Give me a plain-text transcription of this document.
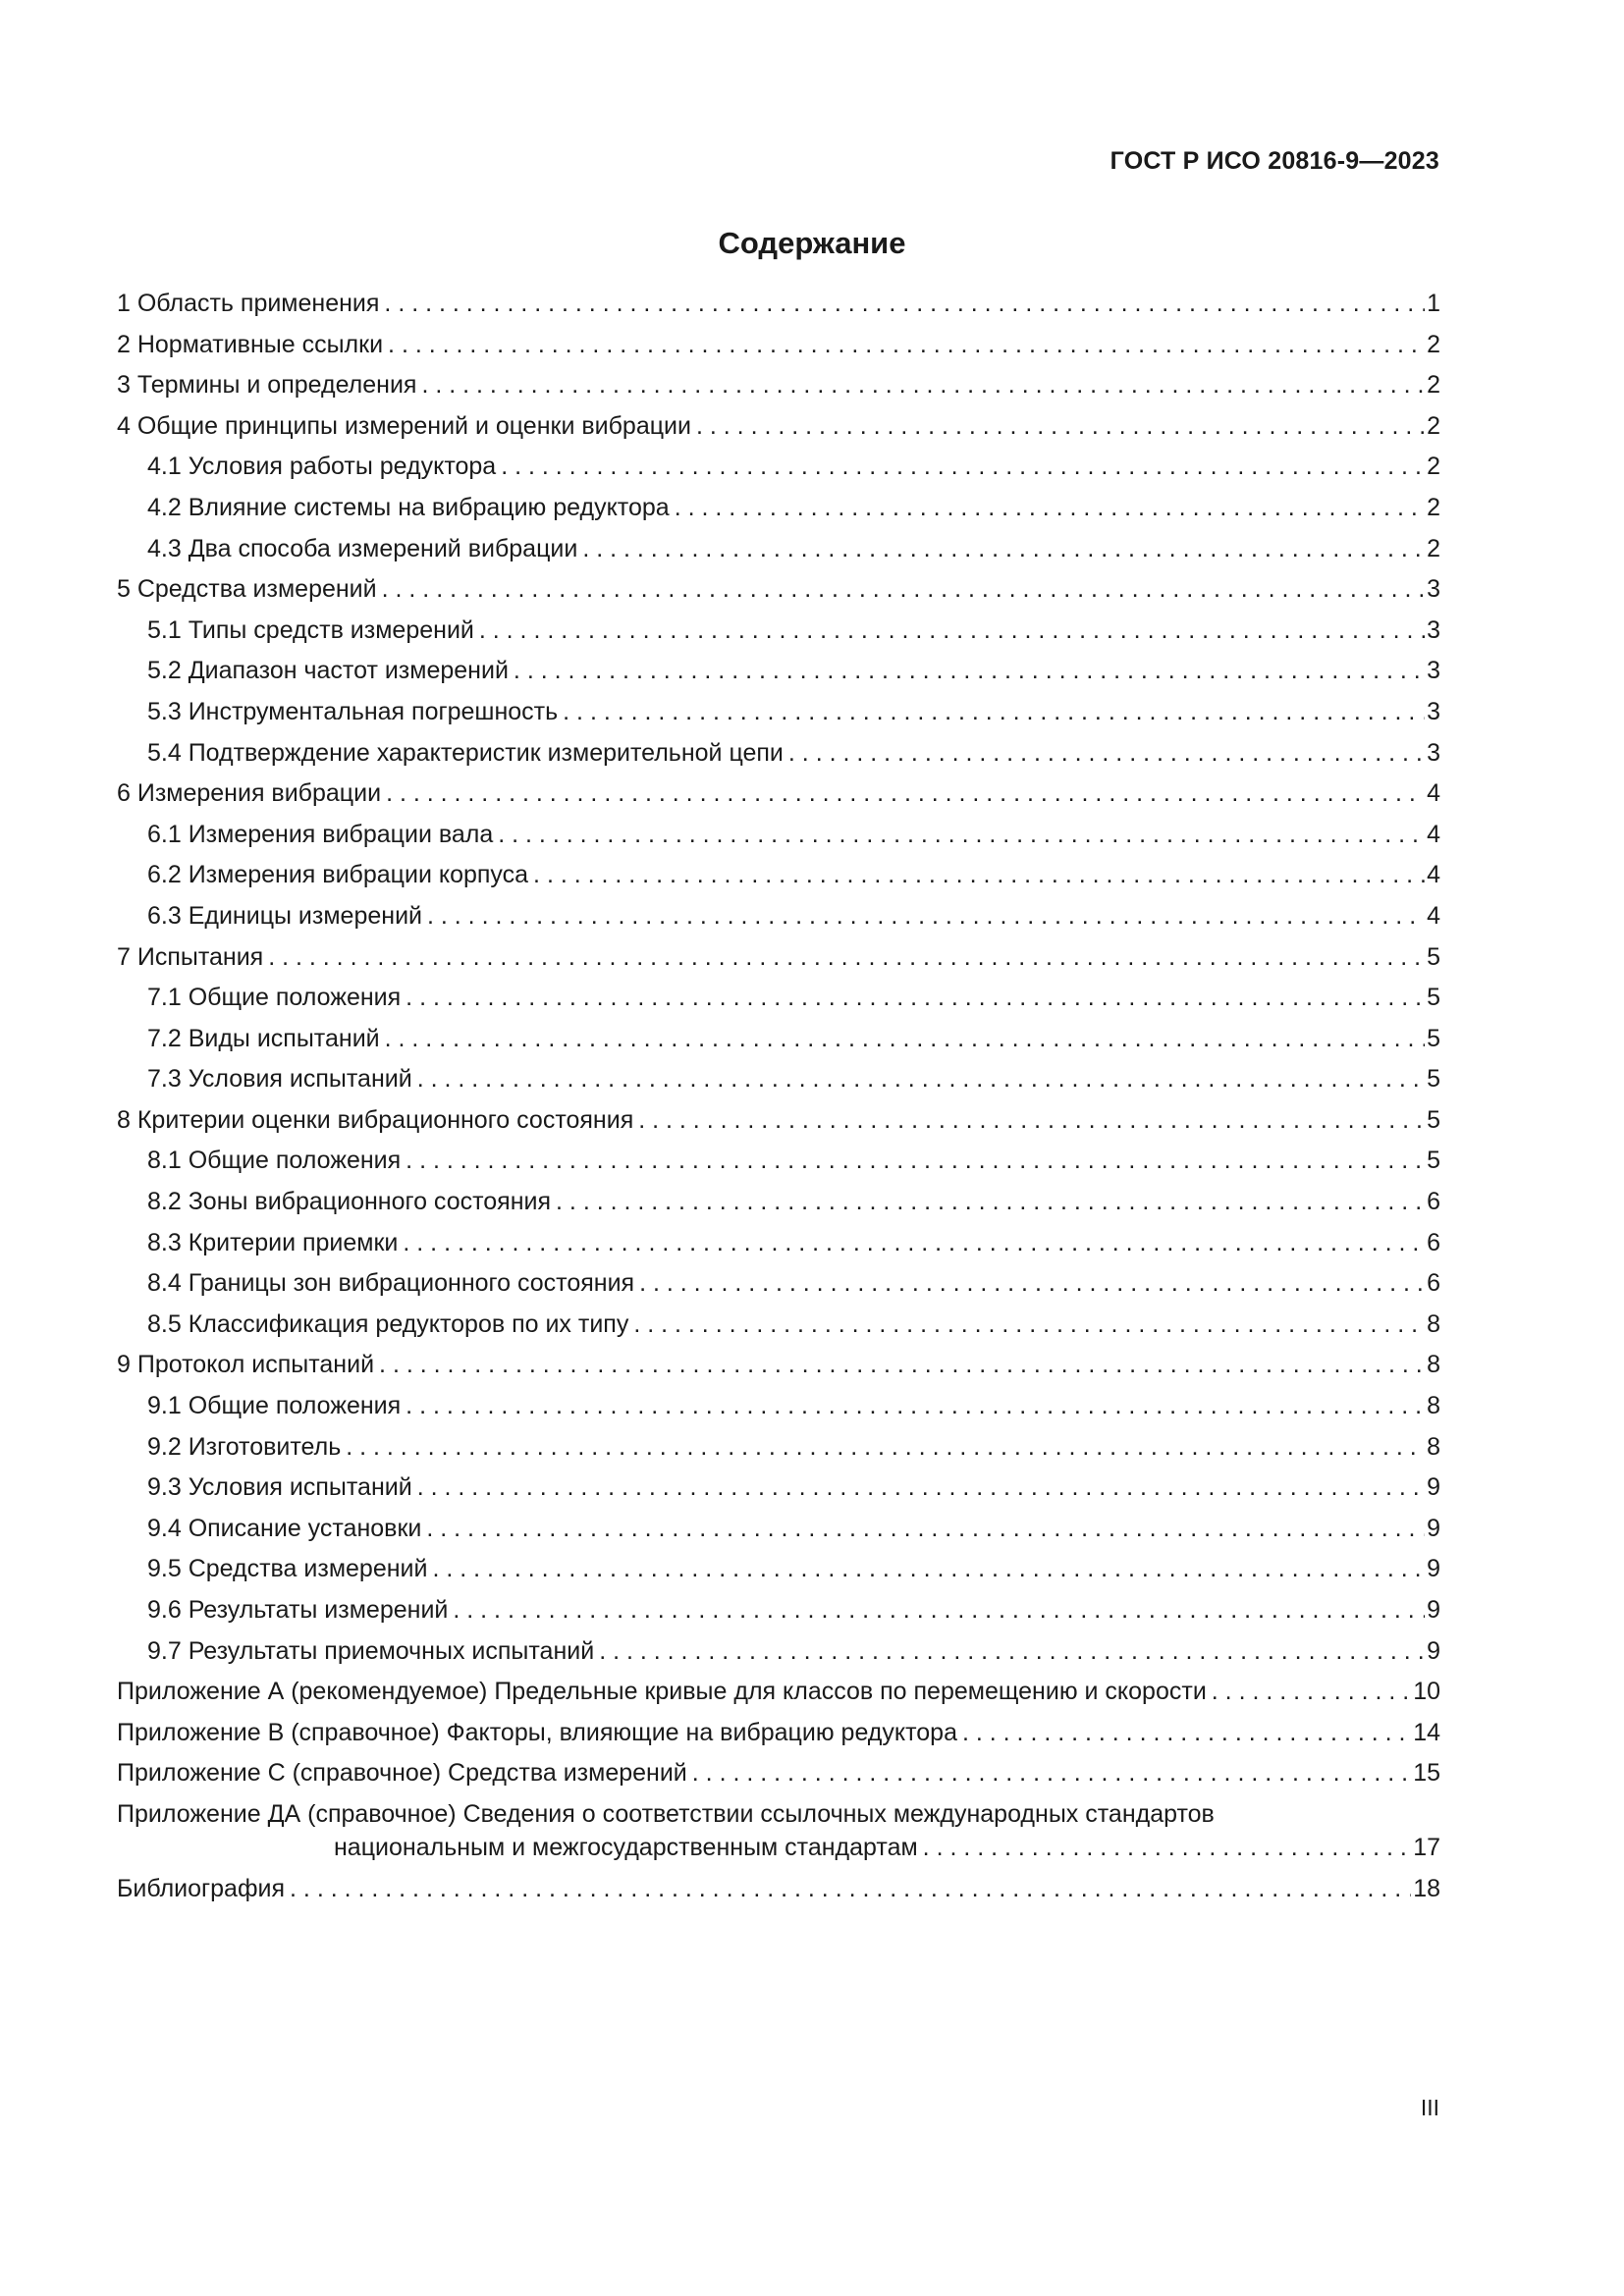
ГОСТ Р ИСО 20816-9—2023
Содержание
1 Область применения . . .	1
2 Нормативные ссылки . . .	2
3 Термины и определения . . .	2
4 Общие принципы измерений и оценки вибрации . . .	2
4.1 Условия работы редуктора . . .	2
4.2 Влияние системы на вибрацию редуктора . . .	2
4.3 Два способа измерений вибрации . . .	2
5 Средства измерений . . .	3
5.1 Типы средств измерений . . .	3
5.2 Диапазон частот измерений . . .	3
5.3 Инструментальная погрешность . . .	3
5.4 Подтверждение характеристик измерительной цепи . . .	3
6 Измерения вибрации . . .	4
6.1 Измерения вибрации вала . . .	4
6.2 Измерения вибрации корпуса . . .	4
6.3 Единицы измерений . . .	4
7 Испытания . . .	5
7.1 Общие положения . . .	5
7.2 Виды испытаний . . .	5
7.3 Условия испытаний . . .	5
8 Критерии оценки вибрационного состояния . . .	5
8.1 Общие положения . . .	5
8.2 Зоны вибрационного состояния . . .	6
8.3 Критерии приемки . . .	6
8.4 Границы зон вибрационного состояния . . .	6
8.5 Классификация редукторов по их типу . . .	8
9 Протокол испытаний . . .	8
9.1 Общие положения . . .	8
9.2 Изготовитель . . .	8
9.3 Условия испытаний . . .	9
9.4 Описание установки . . .	9
9.5 Средства измерений . . .	9
9.6 Результаты измерений . . .	9
9.7 Результаты приемочных испытаний . . .	9
Приложение А (рекомендуемое) Предельные кривые для классов по перемещению и скорости . . .	10
Приложение В (справочное) Факторы, влияющие на вибрацию редуктора . . .	14
Приложение С (справочное) Средства измерений . . .	15
Приложение ДА (справочное) Сведения о соответствии ссылочных международных стандартов
национальным и межгосударственным стандартам . . .	17
Библиография . . .	18
III
